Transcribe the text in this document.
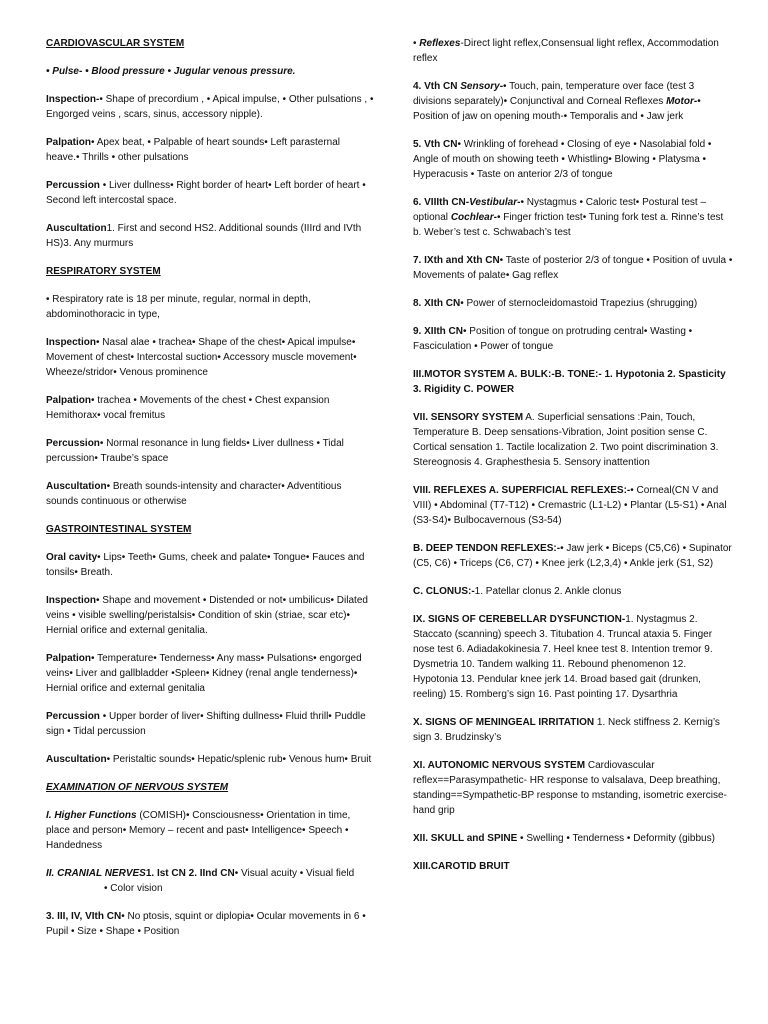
CARDIOVASCULAR SYSTEM
• Pulse- • Blood pressure • Jugular venous pressure.
Inspection-• Shape of precordium , • Apical impulse, • Other pulsations , • Engorged veins , scars, sinus, accessory nipple).
Palpation• Apex beat, • Palpable of heart sounds• Left parasternal heave.• Thrills • other pulsations
Percussion • Liver dullness• Right border of heart• Left border of heart • Second left intercostal space.
Auscultation1. First and second HS2. Additional sounds (IIIrd and IVth HS)3. Any murmurs
RESPIRATORY SYSTEM
• Respiratory rate is 18 per minute, regular, normal in depth, abdominothoracic in type,
Inspection• Nasal alae • trachea• Shape of the chest• Apical impulse• Movement of chest• Intercostal suction• Accessory muscle movement• Wheeze/stridor• Venous prominence
Palpation• trachea • Movements of the chest • Chest expansion Hemithorax• vocal fremitus
Percussion• Normal resonance in lung fields• Liver dullness • Tidal percussion• Traube’s space
Auscultation• Breath sounds-intensity and character• Adventitious sounds continuous or otherwise
GASTROINTESTINAL SYSTEM
Oral cavity• Lips• Teeth• Gums, cheek and palate• Tongue• Fauces and tonsils• Breath.
Inspection• Shape and movement • Distended or not• umbilicus• Dilated veins • visible swelling/peristalsis• Condition of skin (striae, scar etc)• Hernial orifice and external genitalia.
Palpation• Temperature• Tenderness• Any mass• Pulsations• engorged veins• Liver and gallbladder •Spleen• Kidney (renal angle tenderness)• Hernial orifice and external genitalia
Percussion • Upper border of liver• Shifting dullness• Fluid thrill• Puddle sign • Tidal percussion
Auscultation• Peristaltic sounds• Hepatic/splenic rub• Venous hum• Bruit
EXAMINATION OF NERVOUS SYSTEM
I. Higher Functions (COMISH)• Consciousness• Orientation in time, place and person• Memory – recent and past• Intelligence• Speech • Handedness
II. CRANIAL NERVES1. Ist CN 2. IInd CN• Visual acuity • Visual field
• Color vision
3. III, IV, VIth CN• No ptosis, squint or diplopia• Ocular movements in 6 • Pupil • Size • Shape • Position
• Reflexes-Direct light reflex,Consensual light reflex, Accommodation reflex
4. Vth CN Sensory-• Touch, pain, temperature over face (test 3 divisions separately)• Conjunctival and Corneal Reflexes Motor-• Position of jaw on opening mouth-• Temporalis and • Jaw jerk
5. Vth CN• Wrinkling of forehead • Closing of eye • Nasolabial fold • Angle of mouth on showing teeth • Whistling• Blowing • Platysma • Hyperacusis • Taste on anterior 2/3 of tongue
6. VIIIth CN-Vestibular-• Nystagmus • Caloric test• Postural test – optional Cochlear-• Finger friction test• Tuning fork test a. Rinne’s test b. Weber’s test c. Schwabach’s test
7. IXth and Xth CN• Taste of posterior 2/3 of tongue • Position of uvula • Movements of palate• Gag reflex
8. XIth CN• Power of sternocleidomastoid Trapezius (shrugging)
9. XIIth CN• Position of tongue on protruding central• Wasting • Fasciculation • Power of tongue
III.MOTOR SYSTEM A. BULK:-B. TONE:- 1. Hypotonia 2. Spasticity
3. Rigidity C. POWER
VII. SENSORY SYSTEM A. Superficial sensations :Pain, Touch, Temperature B. Deep sensations-Vibration, Joint position sense C. Cortical sensation 1. Tactile localization 2. Two point discrimination 3. Stereognosis 4. Graphesthesia 5. Sensory inattention
VIII. REFLEXES A. SUPERFICIAL REFLEXES:-• Corneal(CN V and VIII) • Abdominal (T7-T12) • Cremastric (L1-L2) • Plantar (L5-S1) • Anal (S3-S4)• Bulbocavernous (S3-54)
B. DEEP TENDON REFLEXES:-• Jaw jerk • Biceps (C5,C6) • Supinator (C5, C6) • Triceps (C6, C7) • Knee jerk (L2,3,4) • Ankle jerk (S1, S2)
C. CLONUS:-1. Patellar clonus 2. Ankle clonus
IX. SIGNS OF CEREBELLAR DYSFUNCTION-1. Nystagmus 2. Staccato (scanning) speech 3. Titubation 4. Truncal ataxia 5. Finger nose test 6. Adiadakokinesia 7. Heel knee test 8. Intention tremor 9. Dysmetria 10. Tandem walking 11. Rebound phenomenon 12. Hypotonia 13. Pendular knee jerk 14. Broad based gait (drunken, reeling) 15. Romberg’s sign 16. Past pointing 17. Dysarthria
X. SIGNS OF MENINGEAL IRRITATION 1. Neck stiffness 2. Kernig’s sign 3. Brudzinsky’s
XI. AUTONOMIC NERVOUS SYSTEM Cardiovascular reflex==Parasympathetic- HR response to valsalava, Deep breathing, standing==Sympathetic-BP response to mstanding, isometric exercise-hand grip
XII. SKULL and SPINE • Swelling • Tenderness • Deformity (gibbus)
XIII.CAROTID BRUIT
